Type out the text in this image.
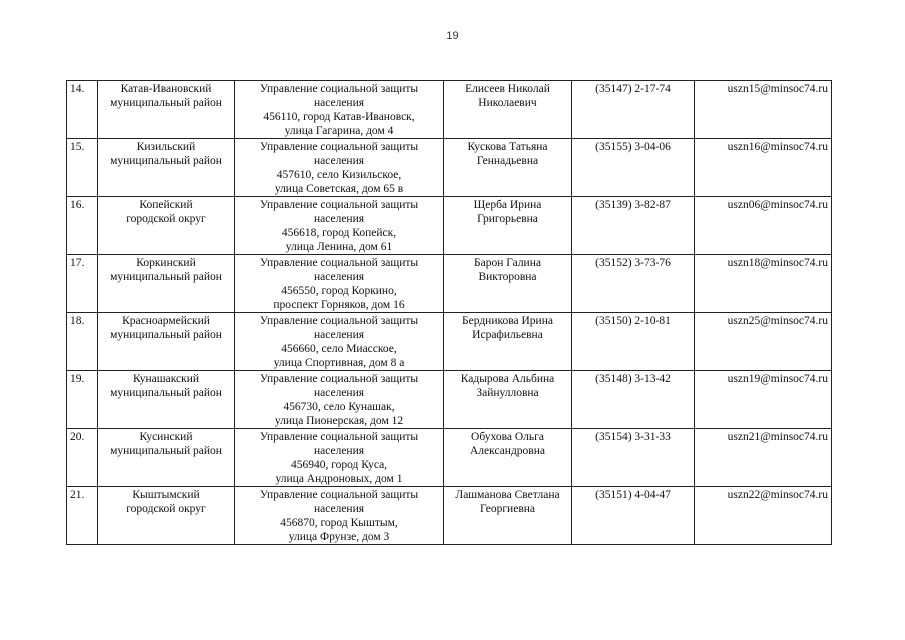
19
14.	Катав-Ивановский
муниципальный район	Управление социальной защиты
населения
456110, город Катав-Ивановск,
улица Гагарина, дом 4	Елисеев Николай
Николаевич	(35147) 2-17-74	uszn15@minsoc74.ru
15.	Кизильский
муниципальный район	Управление социальной защиты
населения
457610, село Кизильское,
улица Советская, дом 65 в	Кускова Татьяна
Геннадьевна	(35155) 3-04-06	uszn16@minsoc74.ru
16.	Копейский
городской округ	Управление социальной защиты
населения
456618, город Копейск,
улица Ленина, дом 61	Щерба Ирина
Григорьевна	(35139) 3-82-87	uszn06@minsoc74.ru
17.	Коркинский
муниципальный район	Управление социальной защиты
населения
456550, город Коркино,
проспект Горняков, дом 16	Барон Галина
Викторовна	(35152) 3-73-76	uszn18@minsoc74.ru
18.	Красноармейский
муниципальный район	Управление социальной защиты
населения
456660, село Миасское,
улица Спортивная, дом 8 а	Бердникова Ирина
Исрафильевна	(35150) 2-10-81	uszn25@minsoc74.ru
19.	Кунашакский
муниципальный район	Управление социальной защиты
населения
456730, село Кунашак,
улица Пионерская, дом 12	Кадырова Альбина
Зайнулловна	(35148) 3-13-42	uszn19@minsoc74.ru
20.	Кусинский
муниципальный район	Управление социальной защиты
населения
456940, город Куса,
улица Андроновых, дом 1	Обухова Ольга
Александровна	(35154) 3-31-33	uszn21@minsoc74.ru
21.	Кыштымский
городской округ	Управление социальной защиты
населения
456870, город Кыштым,
улица Фрунзе, дом 3	Лашманова Светлана
Георгиевна	(35151) 4-04-47	uszn22@minsoc74.ru
